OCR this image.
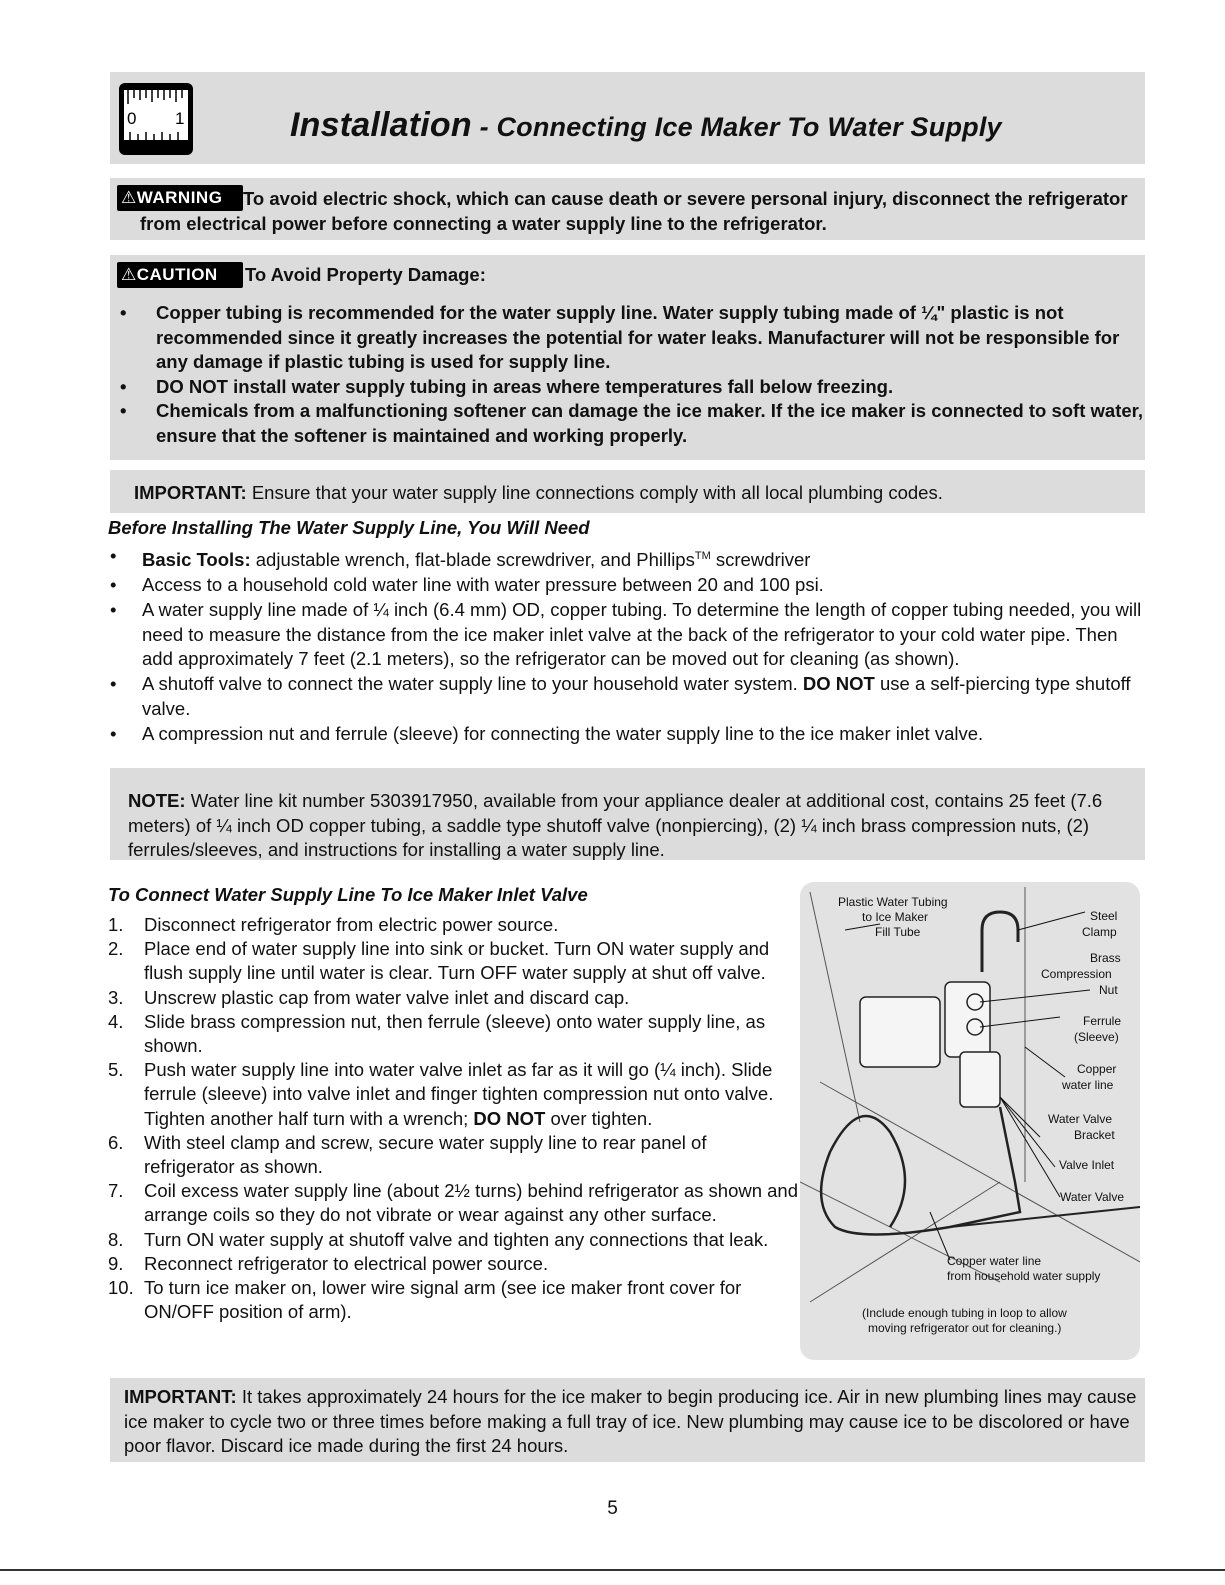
0 1	Installation - Connecting Ice Maker To Water Supply
⚠WARNING	To avoid electric shock, which can cause death or severe personal injury, disconnect the refrigerator from electrical power before connecting a water supply line to the refrigerator.
⚠CAUTION	To Avoid Property Damage:
• Copper tubing is recommended for the water supply line. Water supply tubing made of ¼" plastic is not recommended since it greatly increases the potential for water leaks. Manufacturer will not be responsible for any damage if plastic tubing is used for supply line.
• DO NOT install water supply tubing in areas where temperatures fall below freezing.
• Chemicals from a malfunctioning softener can damage the ice maker. If the ice maker is connected to soft water, ensure that the softener is maintained and working properly.
IMPORTANT: Ensure that your water supply line connections comply with all local plumbing codes.
Before Installing The Water Supply Line, You Will Need
• Basic Tools: adjustable wrench, flat-blade screwdriver, and Phillips™ screwdriver
• Access to a household cold water line with water pressure between 20 and 100 psi.
• A water supply line made of ¼ inch (6.4 mm) OD, copper tubing. To determine the length of copper tubing needed, you will need to measure the distance from the ice maker inlet valve at the back of the refrigerator to your cold water pipe. Then add approximately 7 feet (2.1 meters), so the refrigerator can be moved out for cleaning (as shown).
• A shutoff valve to connect the water supply line to your household water system. DO NOT use a self-piercing type shutoff valve.
• A compression nut and ferrule (sleeve) for connecting the water supply line to the ice maker inlet valve.
NOTE: Water line kit number 5303917950, available from your appliance dealer at additional cost, contains 25 feet (7.6 meters) of ¼ inch OD copper tubing, a saddle type shutoff valve (nonpiercing), (2) ¼ inch brass compression nuts, (2) ferrules/sleeves, and instructions for installing a water supply line.
To Connect Water Supply Line To Ice Maker Inlet Valve
1. Disconnect refrigerator from electric power source.
2. Place end of water supply line into sink or bucket. Turn ON water supply and flush supply line until water is clear. Turn OFF water supply at shut off valve.
3. Unscrew plastic cap from water valve inlet and discard cap.
4. Slide brass compression nut, then ferrule (sleeve) onto water supply line, as shown.
5. Push water supply line into water valve inlet as far as it will go (¼ inch). Slide ferrule (sleeve) into valve inlet and finger tighten compression nut onto valve. Tighten another half turn with a wrench; DO NOT over tighten.
6. With steel clamp and screw, secure water supply line to rear panel of refrigerator as shown.
7. Coil excess water supply line (about 2½ turns) behind refrigerator as shown and arrange coils so they do not vibrate or wear against any other surface.
8. Turn ON water supply at shutoff valve and tighten any connections that leak.
9. Reconnect refrigerator to electrical power source.
10. To turn ice maker on, lower wire signal arm (see ice maker front cover for ON/OFF position of arm).
Plastic Water Tubing
to Ice Maker
Fill Tube
Steel
Clamp
Brass
Compression
Nut
Ferrule
(Sleeve)
Copper
water line
Water Valve
Bracket
Valve Inlet
Water Valve
Copper water line
from household water supply
(Include enough tubing in loop to allow
moving refrigerator out for cleaning.)
IMPORTANT: It takes approximately 24 hours for the ice maker to begin producing ice. Air in new plumbing lines may cause ice maker to cycle two or three times before making a full tray of ice. New plumbing may cause ice to be discolored or have poor flavor. Discard ice made during the first 24 hours.
5
